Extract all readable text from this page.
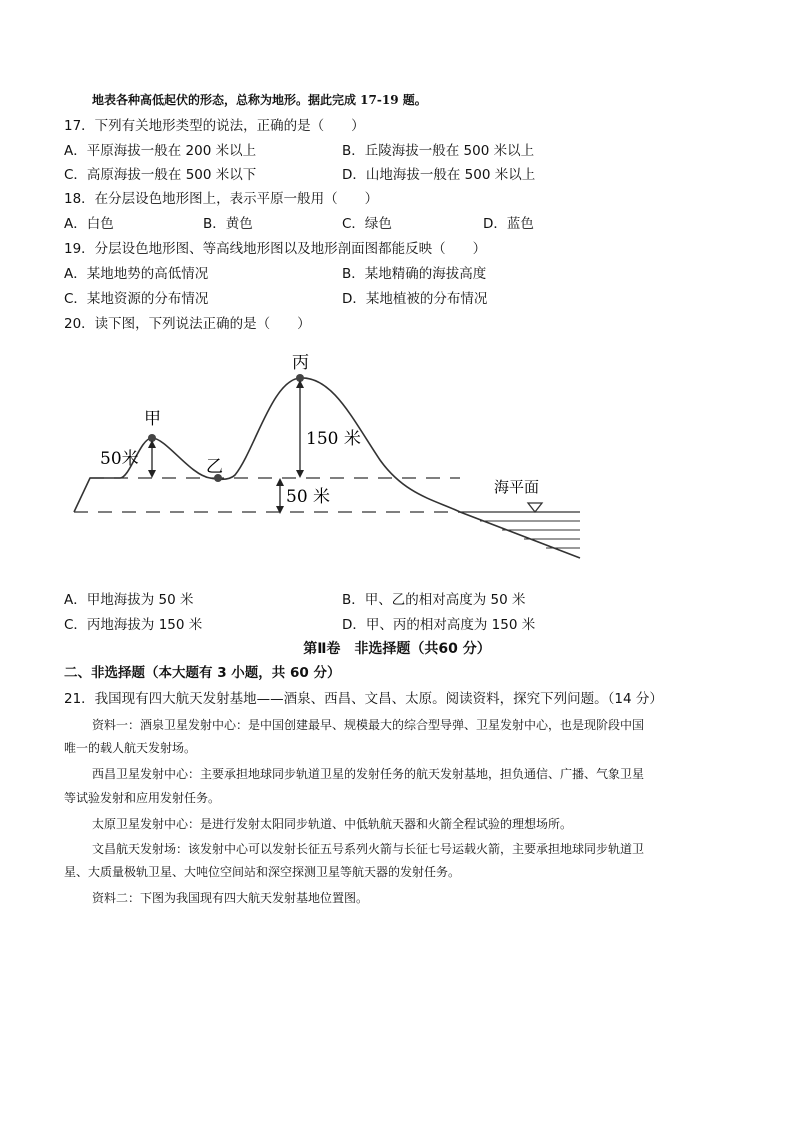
地表各种高低起伏的形态，总称为地形。据此完成 17-19 题。
17．下列有关地形类型的说法，正确的是（　　）
A．平原海拔一般在 200 米以上	B．丘陵海拔一般在 500 米以上
C．高原海拔一般在 500 米以下	D．山地海拔一般在 500 米以上
18．在分层设色地形图上，表示平原一般用（　　）
A．白色	B．黄色	C．绿色	D．蓝色
19．分层设色地形图、等高线地形图以及地形剖面图都能反映（　　）
A．某地地势的高低情况	B．某地精确的海拔高度
C．某地资源的分布情况	D．某地植被的分布情况
20．读下图，下列说法正确的是（　　）
海平面
甲
乙
丙
50米
150 米
50 米
A．甲地海拔为 50 米	B．甲、乙的相对高度为 50 米
C．丙地海拔为 150 米	D．甲、丙的相对高度为 150 米
第Ⅱ卷　非选择题（共60 分）
二、非选择题（本大题有 3 小题，共 60 分）
21．我国现有四大航天发射基地——酒泉、西昌、文昌、太原。阅读资料，探究下列问题。（14 分）
资料一：酒泉卫星发射中心：是中国创建最早、规模最大的综合型导弹、卫星发射中心，也是现阶段中国
唯一的载人航天发射场。
西昌卫星发射中心：主要承担地球同步轨道卫星的发射任务的航天发射基地，担负通信、广播、气象卫星
等试验发射和应用发射任务。
太原卫星发射中心：是进行发射太阳同步轨道、中低轨航天器和火箭全程试验的理想场所。
文昌航天发射场：该发射中心可以发射长征五号系列火箭与长征七号运载火箭，主要承担地球同步轨道卫
星、大质量极轨卫星、大吨位空间站和深空探测卫星等航天器的发射任务。
资料二：下图为我国现有四大航天发射基地位置图。
